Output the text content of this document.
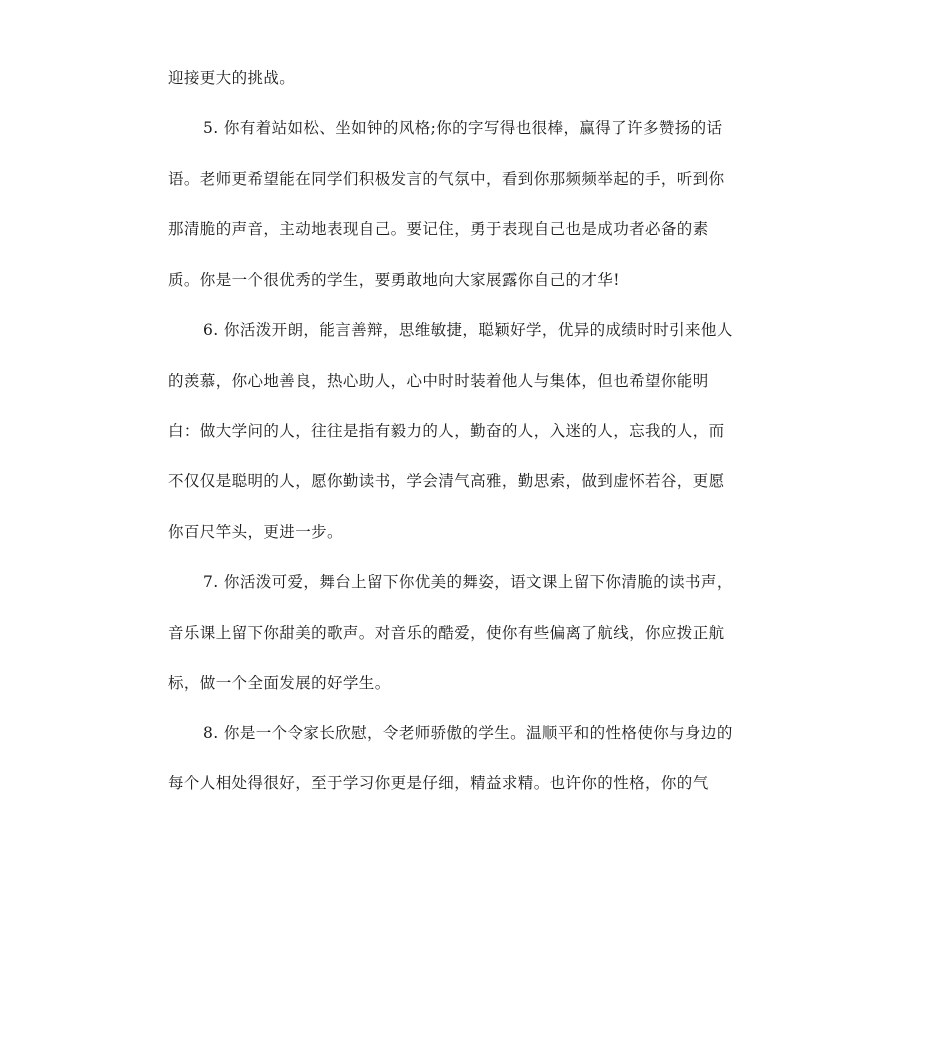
迎接更大的挑战。
5. 你有着站如松、坐如钟的风格;你的字写得也很棒，赢得了许多赞扬的话
语。老师更希望能在同学们积极发言的气氛中，看到你那频频举起的手，听到你
那清脆的声音，主动地表现自己。要记住，勇于表现自己也是成功者必备的素
质。你是一个很优秀的学生，要勇敢地向大家展露你自己的才华!
6. 你活泼开朗，能言善辩，思维敏捷，聪颖好学，优异的成绩时时引来他人
的羡慕，你心地善良，热心助人，心中时时装着他人与集体，但也希望你能明
白：做大学问的人，往往是指有毅力的人，勤奋的人，入迷的人，忘我的人，而
不仅仅是聪明的人，愿你勤读书，学会清气高雅，勤思索，做到虚怀若谷，更愿
你百尺竿头，更进一步。
7. 你活泼可爱，舞台上留下你优美的舞姿，语文课上留下你清脆的读书声，
音乐课上留下你甜美的歌声。对音乐的酷爱，使你有些偏离了航线，你应拨正航
标，做一个全面发展的好学生。
8. 你是一个令家长欣慰，令老师骄傲的学生。温顺平和的性格使你与身边的
每个人相处得很好，至于学习你更是仔细，精益求精。也许你的性格，你的气
